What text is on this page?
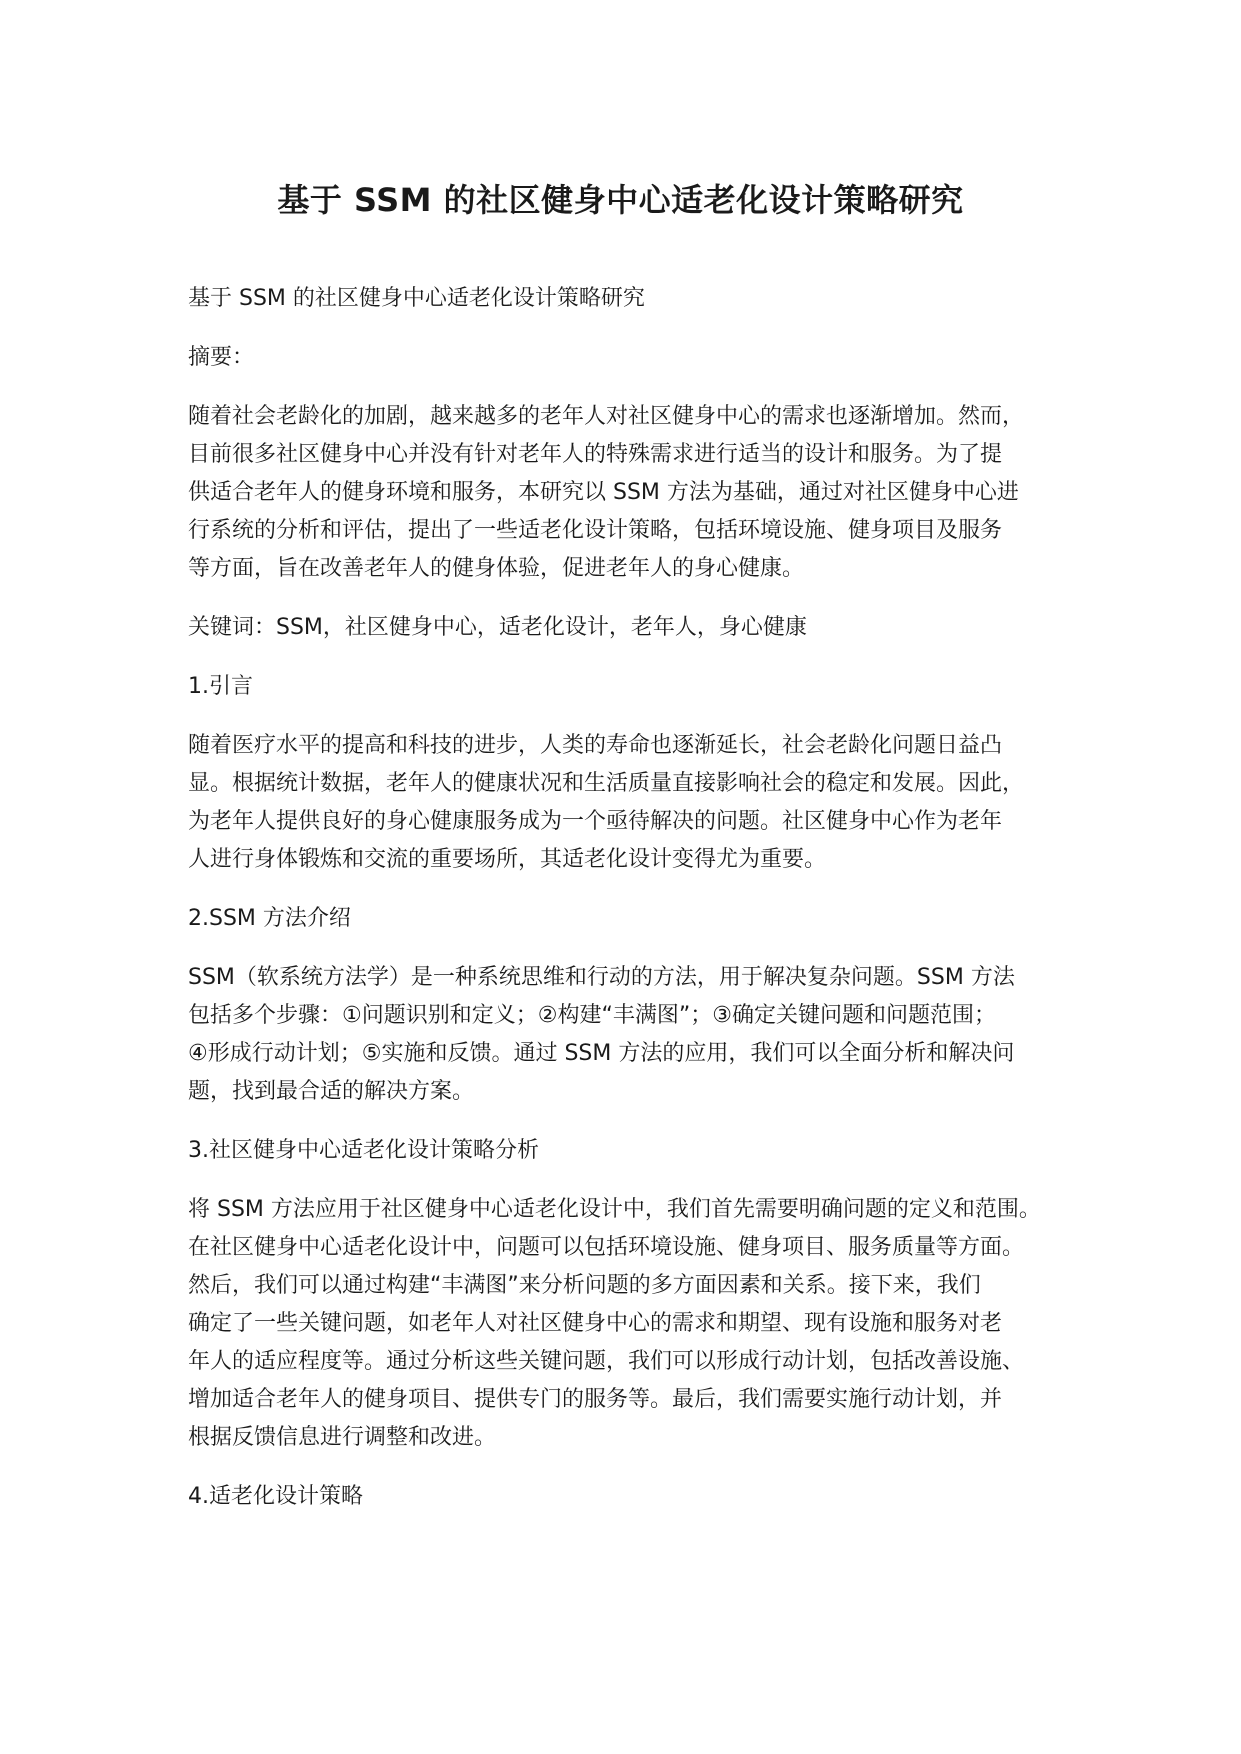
基于 SSM 的社区健身中心适老化设计策略研究

基于 SSM 的社区健身中心适老化设计策略研究

摘要：

随着社会老龄化的加剧，越来越多的老年人对社区健身中心的需求也逐渐增加。然而，
目前很多社区健身中心并没有针对老年人的特殊需求进行适当的设计和服务。为了提
供适合老年人的健身环境和服务，本研究以 SSM 方法为基础，通过对社区健身中心进
行系统的分析和评估，提出了一些适老化设计策略，包括环境设施、健身项目及服务
等方面，旨在改善老年人的健身体验，促进老年人的身心健康。

关键词：SSM，社区健身中心，适老化设计，老年人，身心健康

1.引言

随着医疗水平的提高和科技的进步，人类的寿命也逐渐延长，社会老龄化问题日益凸
显。根据统计数据，老年人的健康状况和生活质量直接影响社会的稳定和发展。因此，
为老年人提供良好的身心健康服务成为一个亟待解决的问题。社区健身中心作为老年
人进行身体锻炼和交流的重要场所，其适老化设计变得尤为重要。

2.SSM 方法介绍

SSM（软系统方法学）是一种系统思维和行动的方法，用于解决复杂问题。SSM 方法
包括多个步骤：①问题识别和定义；②构建“丰满图”；③确定关键问题和问题范围；
④形成行动计划；⑤实施和反馈。通过 SSM 方法的应用，我们可以全面分析和解决问
题，找到最合适的解决方案。

3.社区健身中心适老化设计策略分析

将 SSM 方法应用于社区健身中心适老化设计中，我们首先需要明确问题的定义和范围。
在社区健身中心适老化设计中，问题可以包括环境设施、健身项目、服务质量等方面。
然后，我们可以通过构建“丰满图”来分析问题的多方面因素和关系。接下来，我们
确定了一些关键问题，如老年人对社区健身中心的需求和期望、现有设施和服务对老
年人的适应程度等。通过分析这些关键问题，我们可以形成行动计划，包括改善设施、
增加适合老年人的健身项目、提供专门的服务等。最后，我们需要实施行动计划，并
根据反馈信息进行调整和改进。

4.适老化设计策略
